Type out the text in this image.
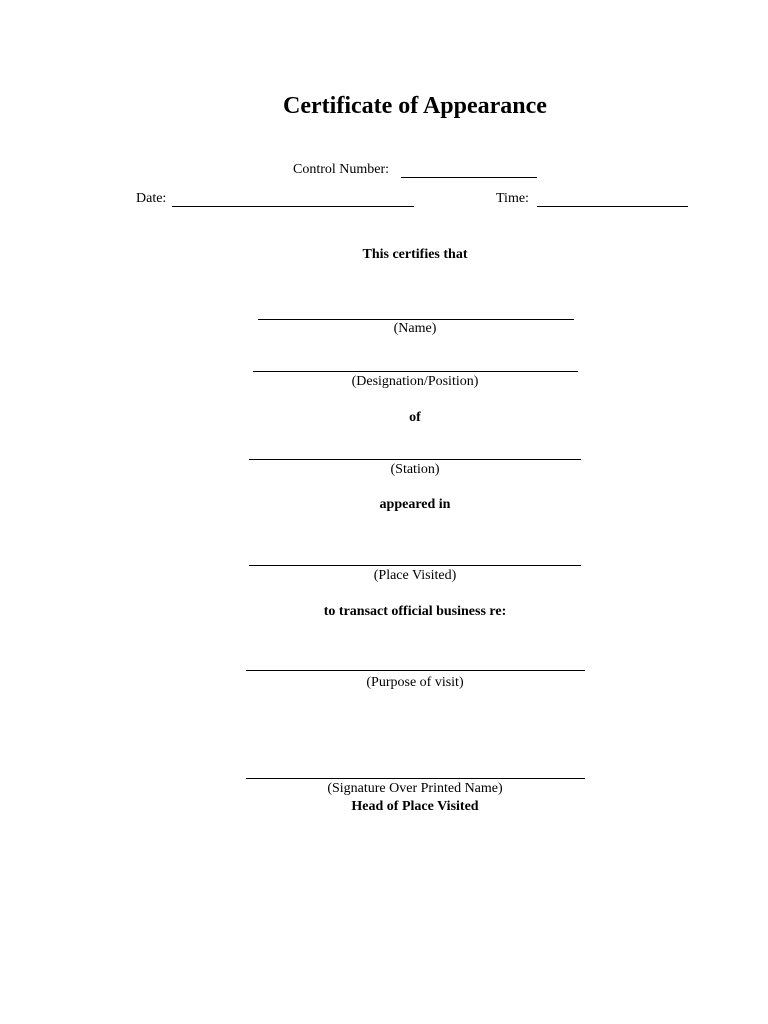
Certificate of Appearance
Control Number:
Date:	Time:
This certifies that
(Name)
(Designation/Position)
of
(Station)
appeared in
(Place Visited)
to transact official business re:
(Purpose of visit)
(Signature Over Printed Name)
Head of Place Visited
